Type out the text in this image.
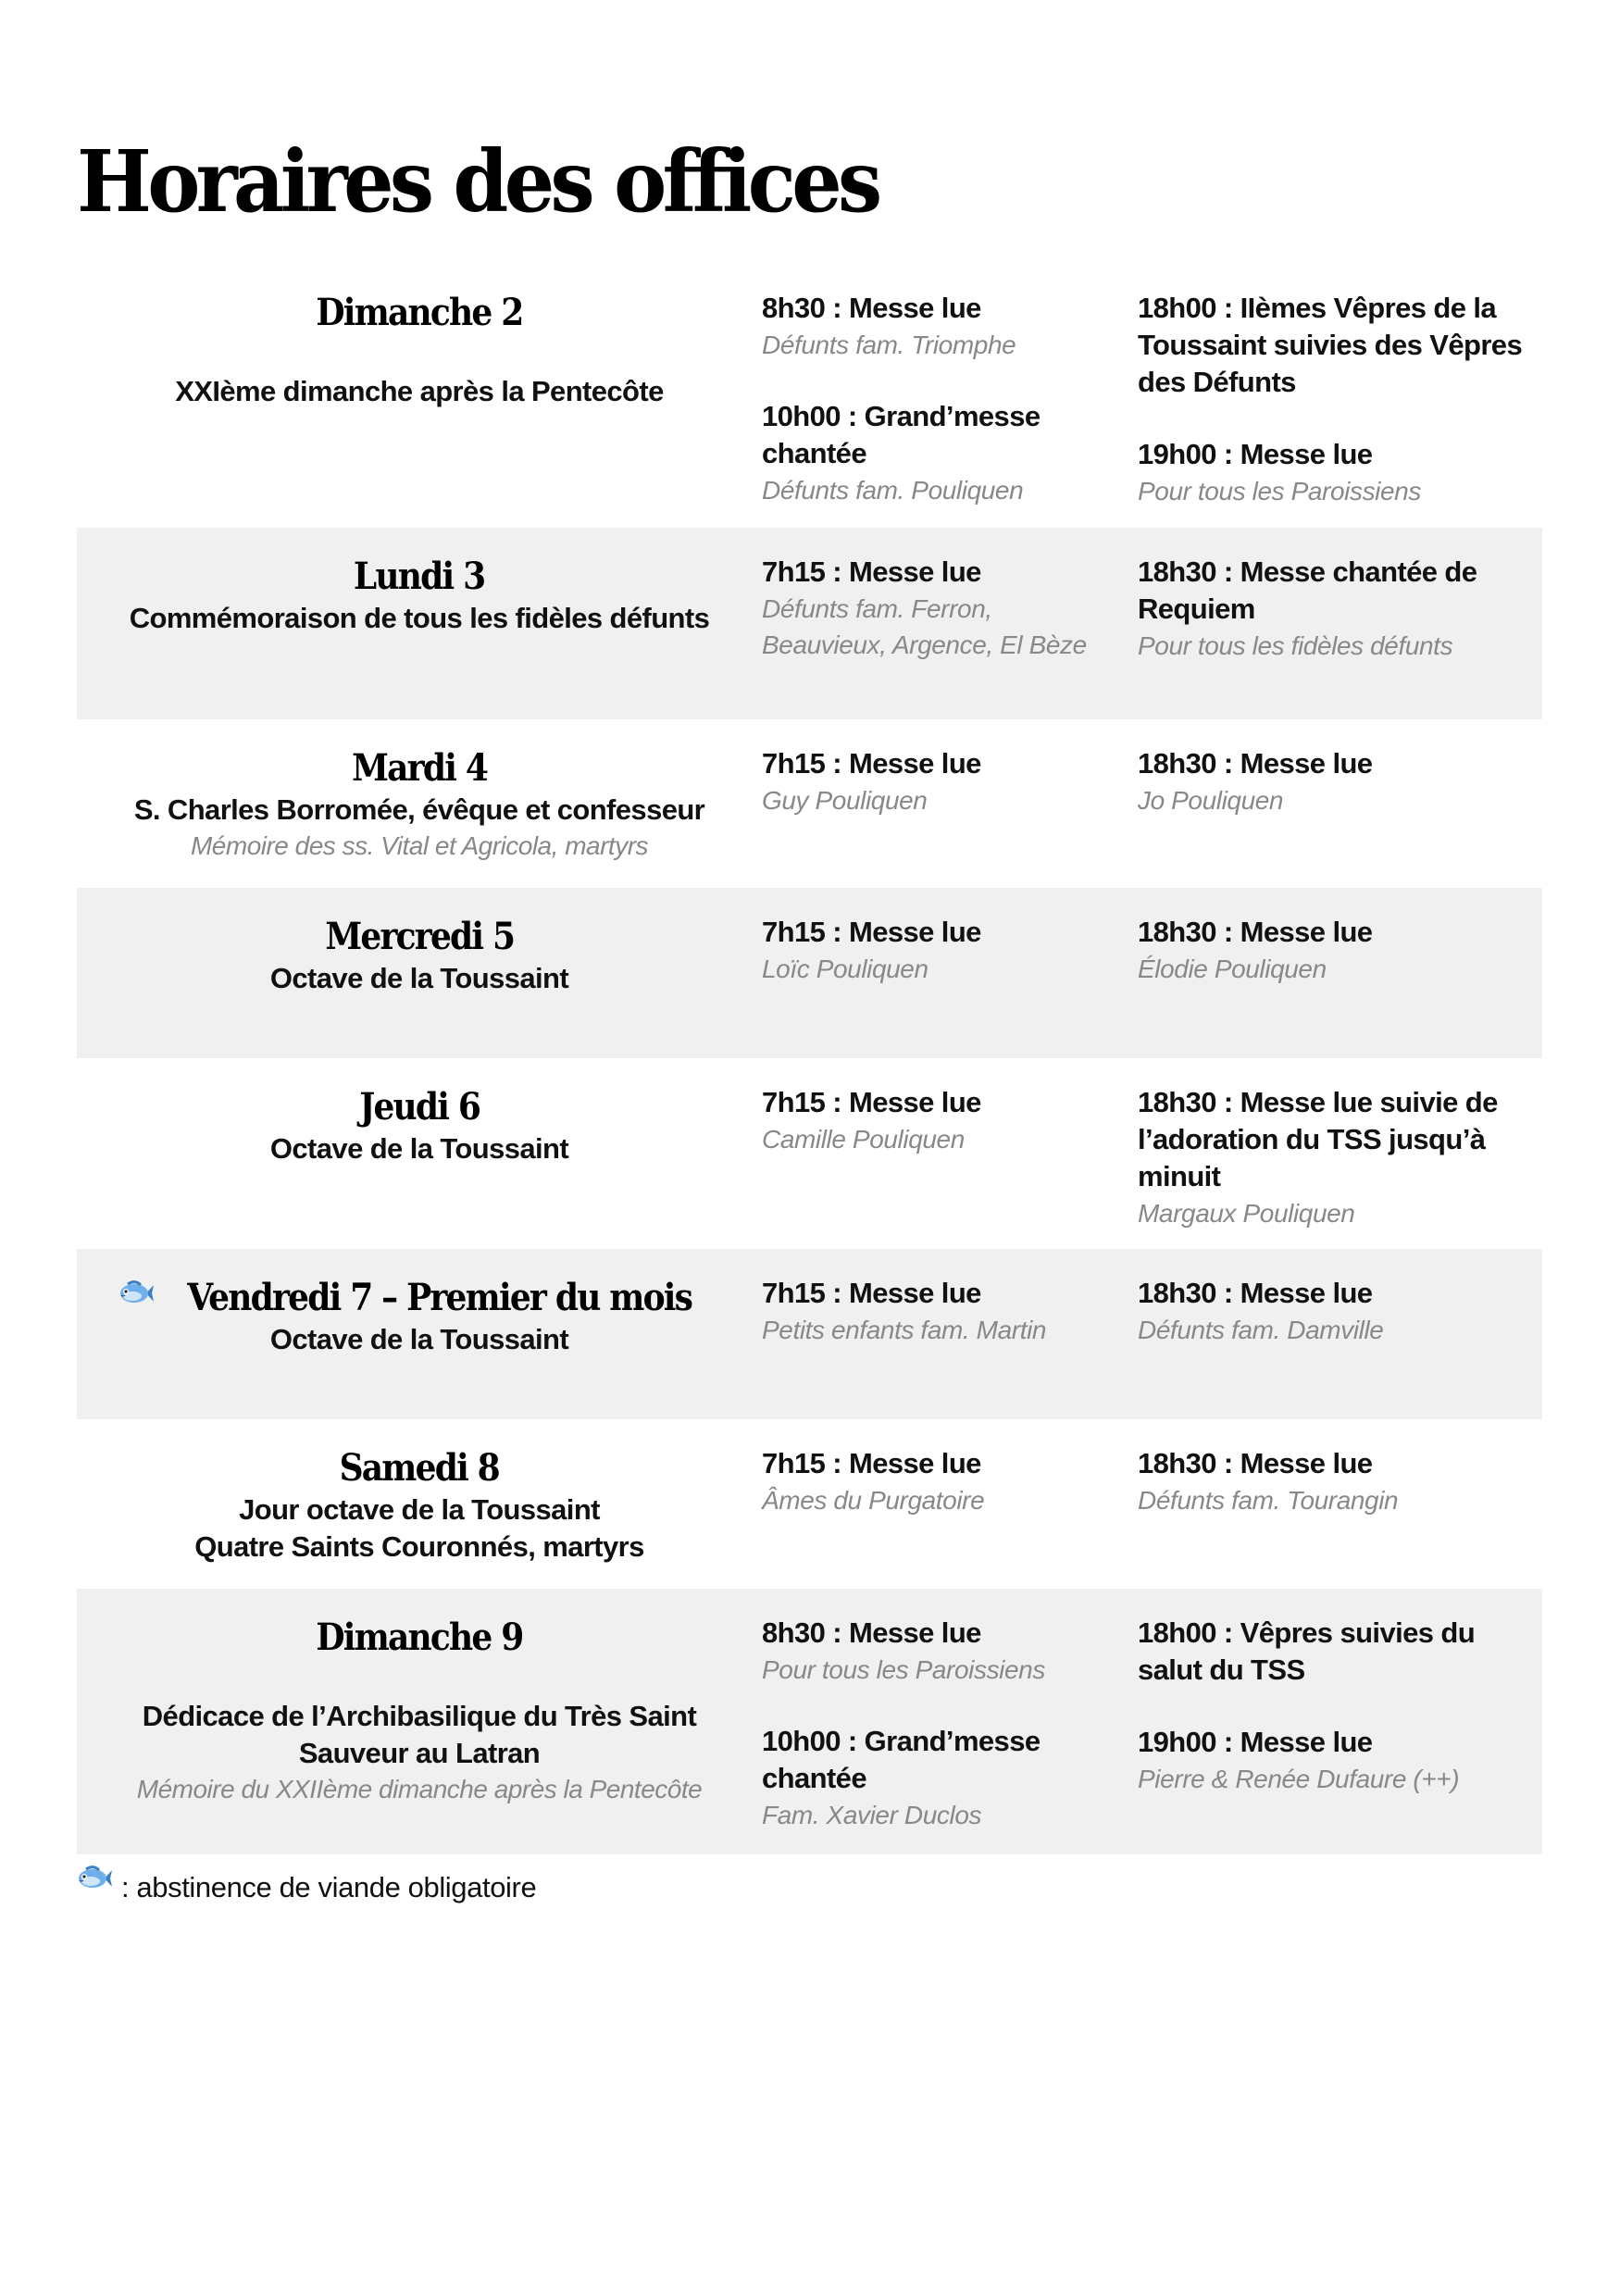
Horaires des offices
Dimanche 2
XXIème dimanche après la Pentecôte
8h30 : Messe lue
Défunts fam. Triomphe
10h00 : Grand’messe chantée
Défunts fam. Pouliquen
18h00 : IIèmes Vêpres de la Toussaint suivies des Vêpres des Défunts
19h00 : Messe lue
Pour tous les Paroissiens
Lundi 3
Commémoraison de tous les fidèles défunts
7h15 : Messe lue
Défunts fam. Ferron, Beauvieux, Argence, El Bèze
18h30 : Messe chantée de Requiem
Pour tous les fidèles défunts
Mardi 4
S. Charles Borromée, évêque et confesseur
Mémoire des ss. Vital et Agricola, martyrs
7h15 : Messe lue
Guy Pouliquen
18h30 : Messe lue
Jo Pouliquen
Mercredi 5
Octave de la Toussaint
7h15 : Messe lue
Loïc Pouliquen
18h30 : Messe lue
Élodie Pouliquen
Jeudi 6
Octave de la Toussaint
7h15 : Messe lue
Camille Pouliquen
18h30 : Messe lue suivie de l’adoration du TSS jusqu’à minuit
Margaux Pouliquen
Vendredi 7 – Premier du mois
Octave de la Toussaint
7h15 : Messe lue
Petits enfants fam. Martin
18h30 : Messe lue
Défunts fam. Damville
Samedi 8
Jour octave de la Toussaint
Quatre Saints Couronnés, martyrs
7h15 : Messe lue
Âmes du Purgatoire
18h30 : Messe lue
Défunts fam. Tourangin
Dimanche 9
Dédicace de l’Archibasilique du Très Saint Sauveur au Latran
Mémoire du XXIIème dimanche après la Pentecôte
8h30 : Messe lue
Pour tous les Paroissiens
10h00 : Grand’messe chantée
Fam. Xavier Duclos
18h00 : Vêpres suivies du salut du TSS
19h00 : Messe lue
Pierre & Renée Dufaure (++)
: abstinence de viande obligatoire
